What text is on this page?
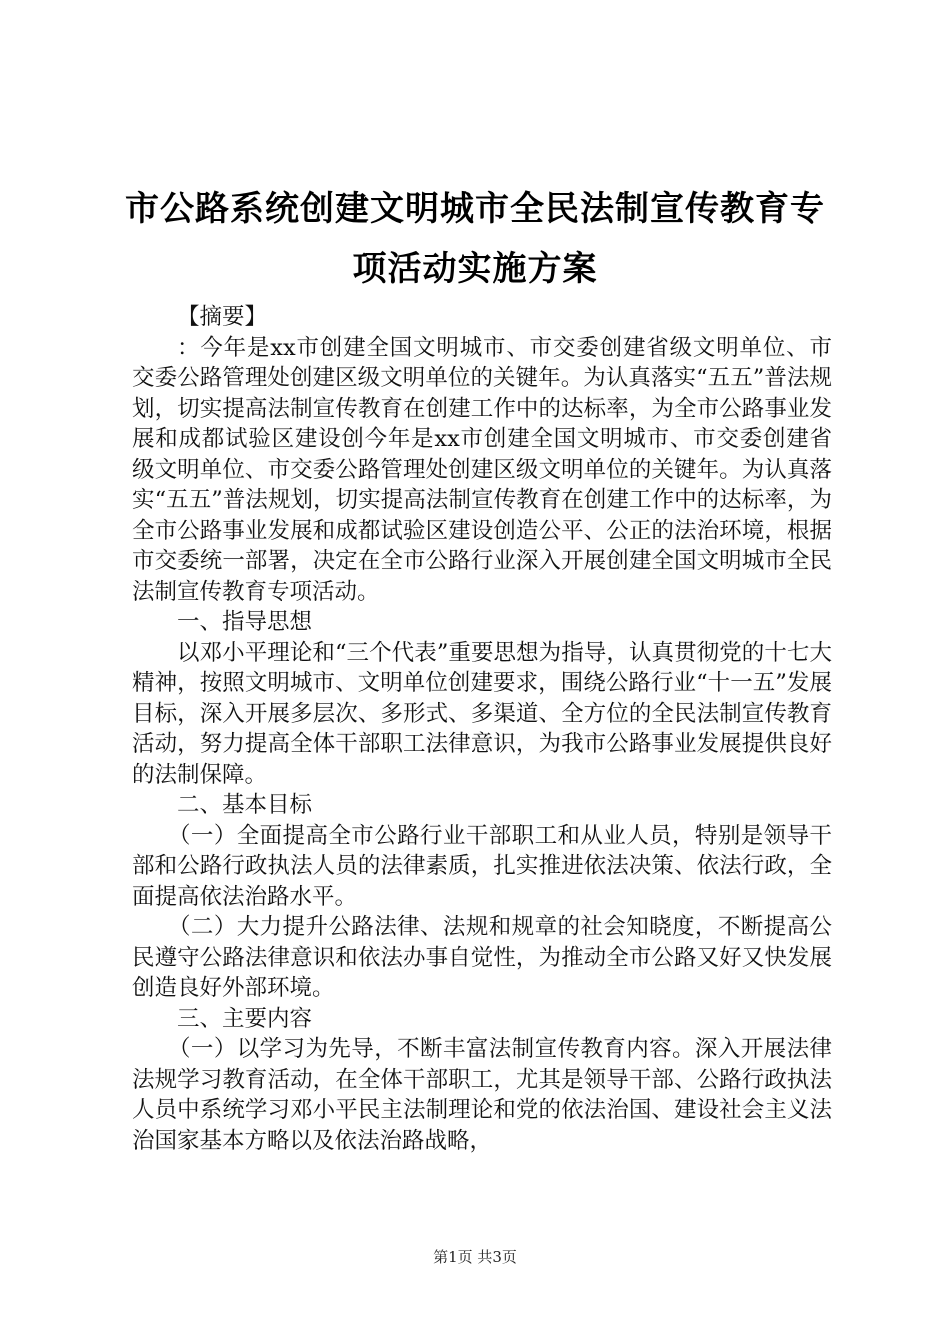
市公路系统创建文明城市全民法制宣传教育专
项活动实施方案

【摘要】

：今年是xx市创建全国文明城市、市交委创建省级文明单位、市交委公路管理处创建区级文明单位的关键年。为认真落实“五五”普法规划，切实提高法制宣传教育在创建工作中的达标率，为全市公路事业发展和成都试验区建设创今年是xx市创建全国文明城市、市交委创建省级文明单位、市交委公路管理处创建区级文明单位的关键年。为认真落实“五五”普法规划，切实提高法制宣传教育在创建工作中的达标率，为全市公路事业发展和成都试验区建设创造公平、公正的法治环境，根据市交委统一部署，决定在全市公路行业深入开展创建全国文明城市全民法制宣传教育专项活动。

一、指导思想

以邓小平理论和“三个代表”重要思想为指导，认真贯彻党的十七大精神，按照文明城市、文明单位创建要求，围绕公路行业“十一五”发展目标，深入开展多层次、多形式、多渠道、全方位的全民法制宣传教育活动，努力提高全体干部职工法律意识，为我市公路事业发展提供良好的法制保障。

二、基本目标

（一）全面提高全市公路行业干部职工和从业人员，特别是领导干部和公路行政执法人员的法律素质，扎实推进依法决策、依法行政，全面提高依法治路水平。

（二）大力提升公路法律、法规和规章的社会知晓度，不断提高公民遵守公路法律意识和依法办事自觉性，为推动全市公路又好又快发展创造良好外部环境。

三、主要内容

（一）以学习为先导，不断丰富法制宣传教育内容。深入开展法律法规学习教育活动，在全体干部职工，尤其是领导干部、公路行政执法人员中系统学习邓小平民主法制理论和党的依法治国、建设社会主义法治国家基本方略以及依法治路战略，

第1页 共3页
